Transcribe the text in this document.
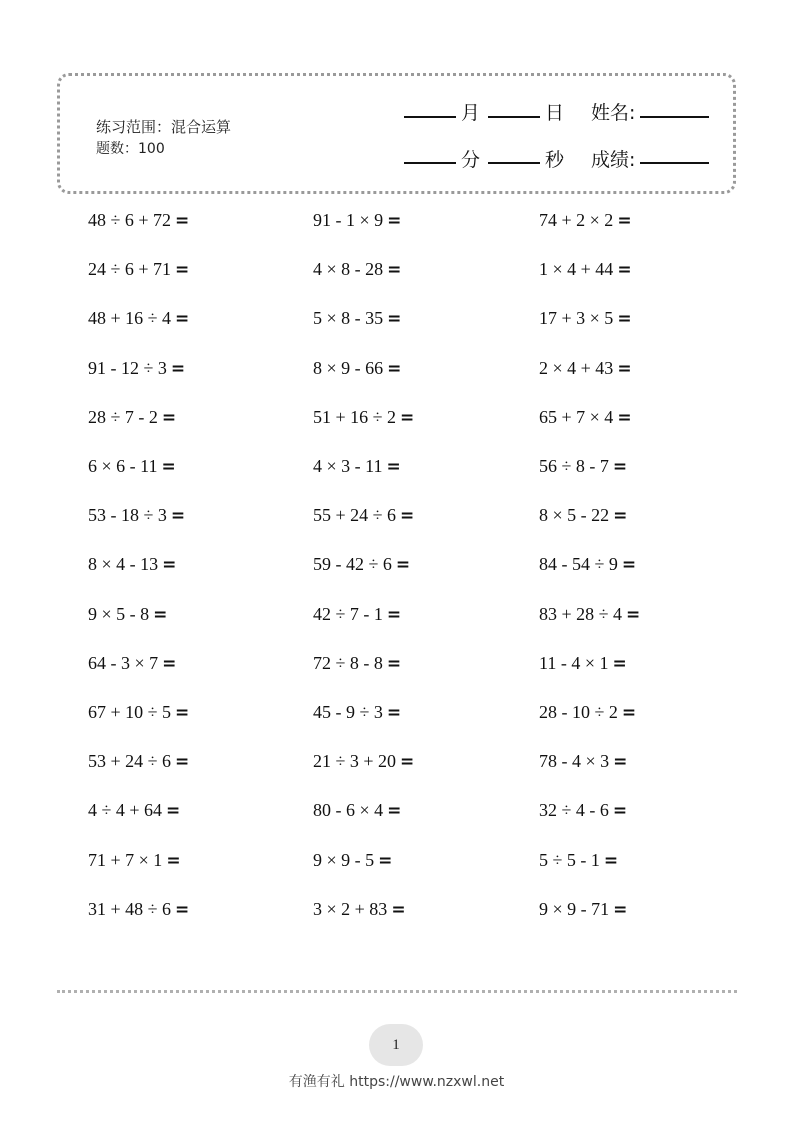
练习范围：混合运算
题数：100
月	日 姓名:
分	秒 成绩:
48 ÷ 6 + 72 =	91 - 1 × 9 =	74 + 2 × 2 =
24 ÷ 6 + 71 =	4 × 8 - 28 =	1 × 4 + 44 =
48 + 16 ÷ 4 =	5 × 8 - 35 =	17 + 3 × 5 =
91 - 12 ÷ 3 =	8 × 9 - 66 =	2 × 4 + 43 =
28 ÷ 7 - 2 =	51 + 16 ÷ 2 =	65 + 7 × 4 =
6 × 6 - 11 =	4 × 3 - 11 =	56 ÷ 8 - 7 =
53 - 18 ÷ 3 =	55 + 24 ÷ 6 =	8 × 5 - 22 =
8 × 4 - 13 =	59 - 42 ÷ 6 =	84 - 54 ÷ 9 =
9 × 5 - 8 =	42 ÷ 7 - 1 =	83 + 28 ÷ 4 =
64 - 3 × 7 =	72 ÷ 8 - 8 =	11 - 4 × 1 =
67 + 10 ÷ 5 =	45 - 9 ÷ 3 =	28 - 10 ÷ 2 =
53 + 24 ÷ 6 =	21 ÷ 3 + 20 =	78 - 4 × 3 =
4 ÷ 4 + 64 =	80 - 6 × 4 =	32 ÷ 4 - 6 =
71 + 7 × 1 =	9 × 9 - 5 =	5 ÷ 5 - 1 =
31 + 48 ÷ 6 =	3 × 2 + 83 =	9 × 9 - 71 =
1
有渔有礼 https://www.nzxwl.net
